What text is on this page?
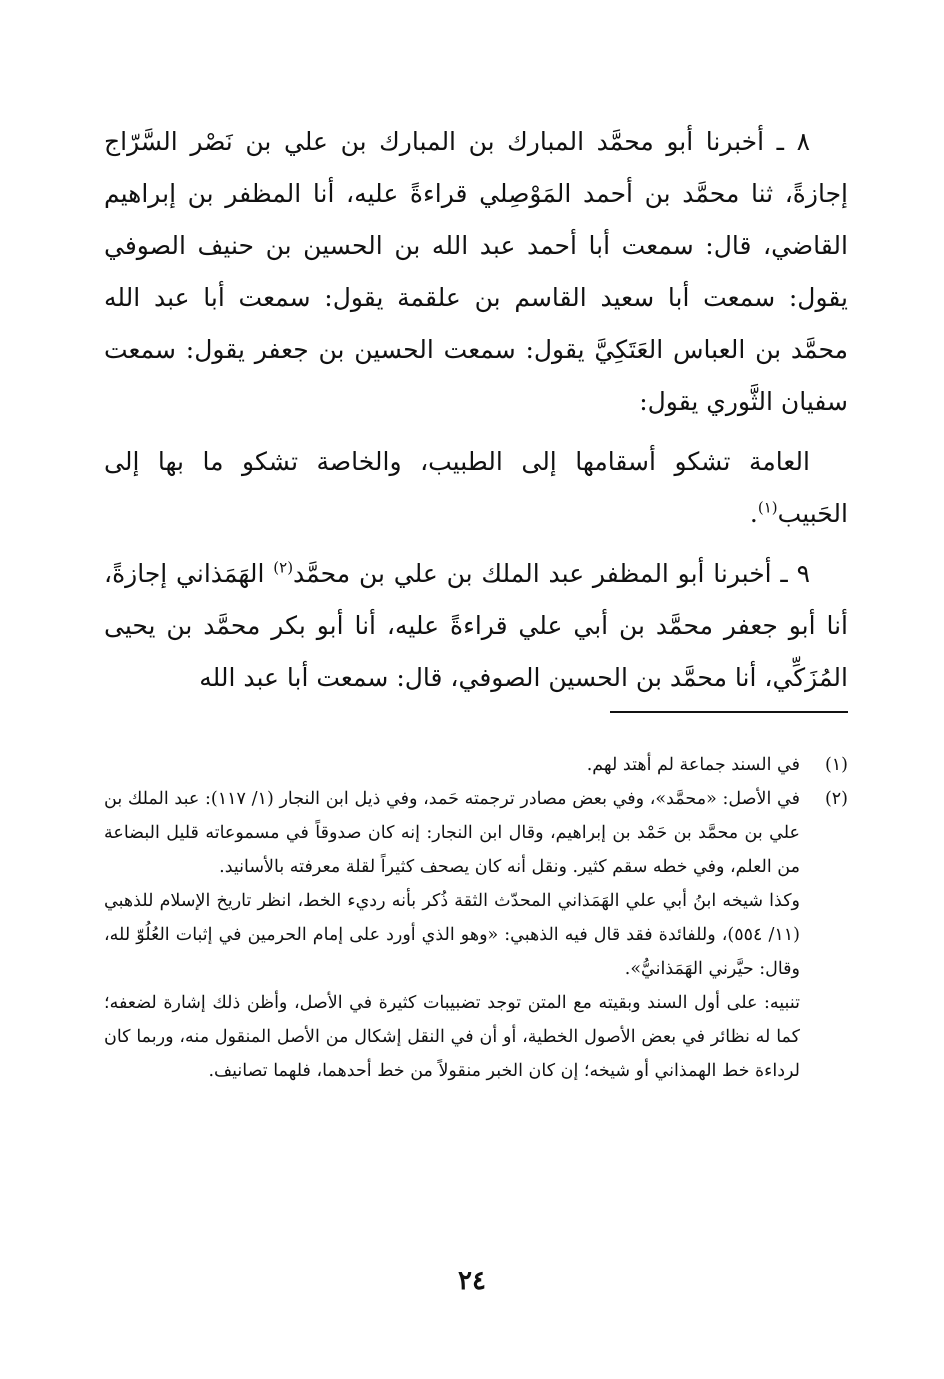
٨ ـ أخبرنا أبو محمَّد المبارك بن المبارك بن علي بن نَصْر السَّرّاج إجازةً، ثنا محمَّد بن أحمد المَوْصِلي قراءةً عليه، أنا المظفر بن إبراهيم القاضي، قال: سمعت أبا أحمد عبد الله بن الحسين بن حنيف الصوفي يقول: سمعت أبا سعيد القاسم بن علقمة يقول: سمعت أبا عبد الله محمَّد بن العباس العَتَكِيَّ يقول: سمعت الحسين بن جعفر يقول: سمعت سفيان الثَّوري يقول:

العامة تشكو أسقامها إلى الطبيب، والخاصة تشكو ما بها إلى الحَبيب$^{(١)}$.

٩ ـ أخبرنا أبو المظفر عبد الملك بن علي بن محمَّد$^{(٢)}$ الهَمَذاني إجازةً، أنا أبو جعفر محمَّد بن أبي علي قراءةً عليه، أنا أبو بكر محمَّد بن يحيى المُزَكِّي، أنا محمَّد بن الحسين الصوفي، قال: سمعت أبا عبد الله

(١)

في السند جماعة لم أهتد لهم.

(٢)

في الأصل: «محمَّد»، وفي بعض مصادر ترجمته حَمد، وفي ذيل ابن النجار (١/ ١١٧): عبد الملك بن علي بن محمَّد بن حَمْد بن إبراهيم، وقال ابن النجار: إنه كان صدوقاً في مسموعاته قليل البضاعة من العلم، وفي خطه سقم كثير. ونقل أنه كان يصحف كثيراً لقلة معرفته بالأسانيد.

وكذا شيخه ابنُ أبي علي الهَمَذاني المحدّث الثقة ذُكر بأنه رديء الخط، انظر تاريخ الإسلام للذهبي (١١/ ٥٥٤)، وللفائدة فقد قال فيه الذهبي: «وهو الذي أورد على إمام الحرمين في إثبات العُلُوّ لله، وقال: حيَّرني الهَمَذانيُّ».

تنبيه: على أول السند وبقيته مع المتن توجد تضبيبات كثيرة في الأصل، وأظن ذلك إشارة لضعفه؛ كما له نظائر في بعض الأصول الخطية، أو أن في النقل إشكال من الأصل المنقول منه، وربما كان لرداءة خط الهمذاني أو شيخه؛ إن كان الخبر منقولاً من خط أحدهما، فلهما تصانيف.

٢٤
